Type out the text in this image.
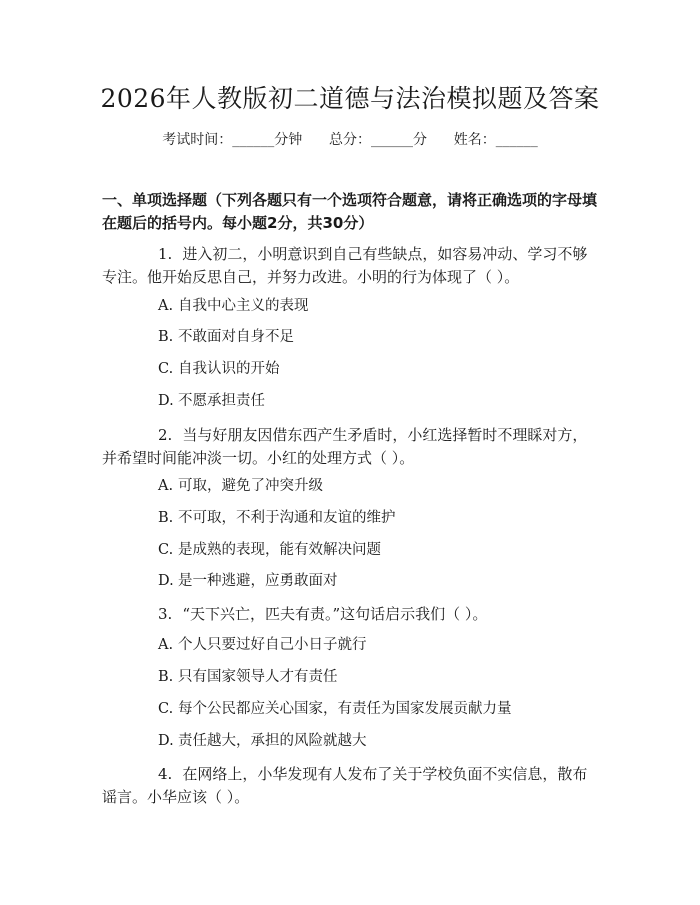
2026年人教版初二道德与法治模拟题及答案
考试时间：______分钟      总分：______分      姓名：______
一、单项选择题（下列各题只有一个选项符合题意，请将正确选项的字母填在题后的括号内。每小题2分，共30分）
1. 进入初二，小明意识到自己有些缺点，如容易冲动、学习不够专注。他开始反思自己，并努力改进。小明的行为体现了（ ）。
A. 自我中心主义的表现
B. 不敢面对自身不足
C. 自我认识的开始
D. 不愿承担责任
2. 当与好朋友因借东西产生矛盾时，小红选择暂时不理睬对方，并希望时间能冲淡一切。小红的处理方式（ ）。
A. 可取，避免了冲突升级
B. 不可取，不利于沟通和友谊的维护
C. 是成熟的表现，能有效解决问题
D. 是一种逃避，应勇敢面对
3. “天下兴亡，匹夫有责。”这句话启示我们（ ）。
A. 个人只要过好自己小日子就行
B. 只有国家领导人才有责任
C. 每个公民都应关心国家，有责任为国家发展贡献力量
D. 责任越大，承担的风险就越大
4. 在网络上，小华发现有人发布了关于学校负面不实信息，散布谣言。小华应该（ ）。
